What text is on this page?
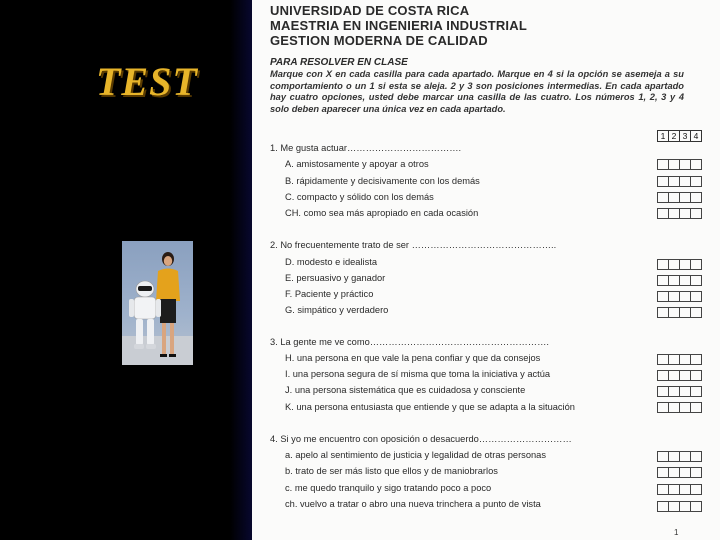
TEST
UNIVERSIDAD DE COSTA RICA
MAESTRIA EN INGENIERIA INDUSTRIAL
GESTION MODERNA DE CALIDAD
PARA RESOLVER EN CLASE
Marque con X en cada casilla para cada apartado. Marque en 4 si la opción se asemeja a su comportamiento o un 1 si esta se aleja. 2 y 3 son posiciones intermedias. En cada apartado hay cuatro opciones, usted debe marcar una casilla de las cuatro. Los números 1, 2, 3 y 4 solo deben aparecer una única vez en cada apartado.
1 2 3 4
1. Me gusta actuar……………………………….
A. amistosamente y apoyar a otros
B. rápidamente y decisivamente con los demás
C. compacto y sólido con los demás
CH. como sea más apropiado en cada ocasión
2. No frecuentemente trato de ser ………………………………………..
D. modesto e idealista
E. persuasivo y ganador
F. Paciente y práctico
G. simpático y verdadero
3. La gente me ve como………………………………………………….
H. una persona en que vale la pena confiar y que da consejos
I. una persona segura de sí misma que toma la iniciativa y actúa
J. una persona sistemática que es cuidadosa y consciente
K. una persona entusiasta que entiende y que se adapta a la situación
4. Si yo me encuentro con oposición o desacuerdo…………………………
a. apelo al sentimiento de justicia y legalidad de otras personas
b. trato de ser más listo que ellos y de maniobrarlos
c. me quedo tranquilo y sigo tratando poco a poco
ch. vuelvo a tratar o abro una nueva trinchera a punto de vista
1
